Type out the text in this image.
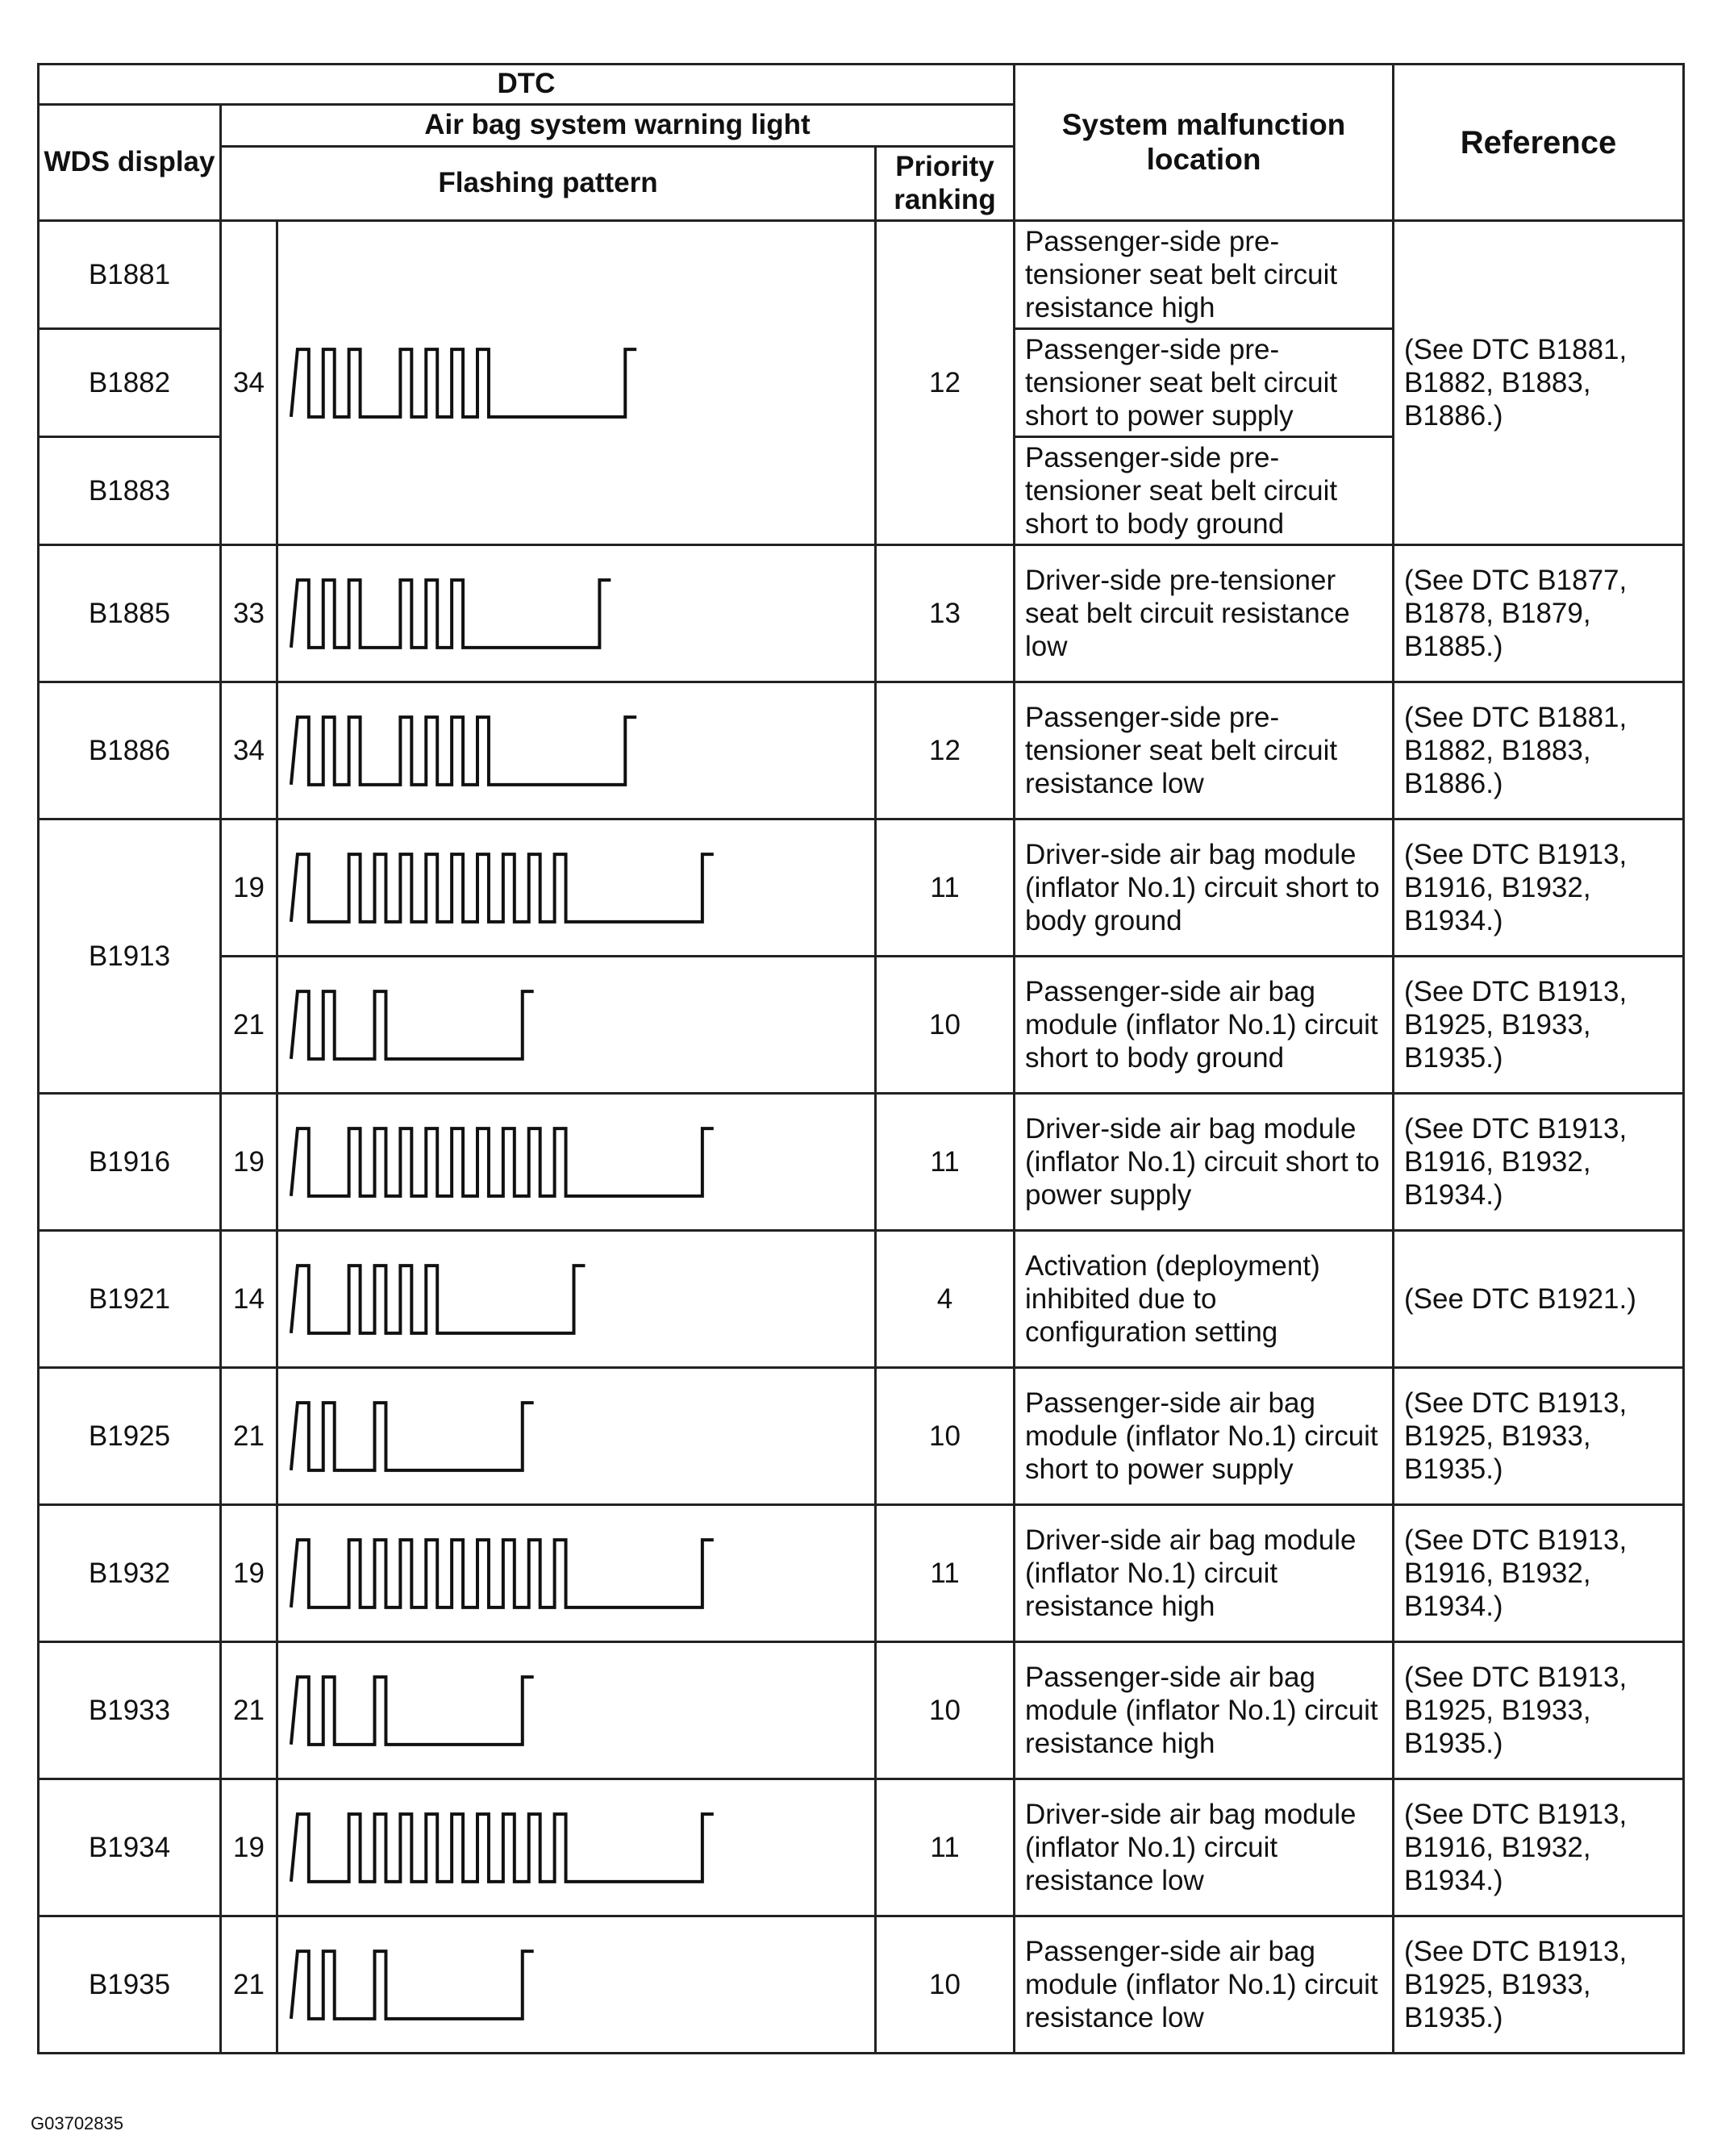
DTC				System malfunction location	Reference
WDS display	Air bag system warning light				
	Flashing pattern		Priority ranking		
B1881	34		12	Passenger-side pre-tensioner seat belt circuit resistance high	(See DTC B1881, B1882, B1883, B1886.)
B1882				Passenger-side pre-tensioner seat belt circuit short to power supply	
B1883				Passenger-side pre-tensioner seat belt circuit short to body ground	
B1885	33		13	Driver-side pre-tensioner seat belt circuit resistance low	(See DTC B1877, B1878, B1879, B1885.)
B1886	34		12	Passenger-side pre-tensioner seat belt circuit resistance low	(See DTC B1881, B1882, B1883, B1886.)
B1913	19		11	Driver-side air bag module (inflator No.1) circuit short to body ground	(See DTC B1913, B1916, B1932, B1934.)
	21		10	Passenger-side air bag module (inflator No.1) circuit short to body ground	(See DTC B1913, B1925, B1933, B1935.)
B1916	19		11	Driver-side air bag module (inflator No.1) circuit short to power supply	(See DTC B1913, B1916, B1932, B1934.)
B1921	14		4	Activation (deployment) inhibited due to configuration setting	(See DTC B1921.)
B1925	21		10	Passenger-side air bag module (inflator No.1) circuit short to power supply	(See DTC B1913, B1925, B1933, B1935.)
B1932	19		11	Driver-side air bag module (inflator No.1) circuit resistance high	(See DTC B1913, B1916, B1932, B1934.)
B1933	21		10	Passenger-side air bag module (inflator No.1) circuit resistance high	(See DTC B1913, B1925, B1933, B1935.)
B1934	19		11	Driver-side air bag module (inflator No.1) circuit resistance low	(See DTC B1913, B1916, B1932, B1934.)
B1935	21		10	Passenger-side air bag module (inflator No.1) circuit resistance low	(See DTC B1913, B1925, B1933, B1935.)
G03702835
